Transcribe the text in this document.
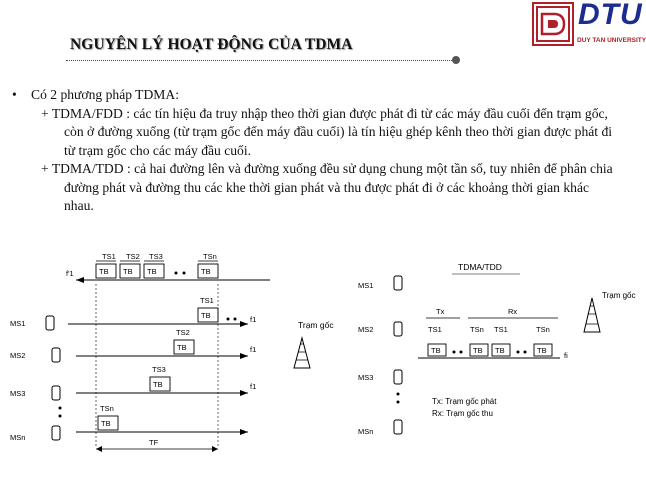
NGUYÊN LÝ HOẠT ĐỘNG CỦA TDMA
DTU
DUY TAN UNIVERSITY
• Có 2 phương pháp TDMA:
+ TDMA/FDD : các tín hiệu đa truy nhập theo thời gian được phát đi từ các máy đầu cuối đến trạm gốc, còn ở đường xuống (từ trạm gốc đến máy đầu cuối) là tín hiệu ghép kênh theo thời gian được phát đi từ trạm gốc cho các máy đầu cuối.
+ TDMA/TDD : cả hai đường lên và đường xuống đều sử dụng chung một tần số, tuy nhiên để phân chia đường phát và đường thu các khe thời gian phát và thu được phát đi ở các khoảng thời gian khác nhau.
TS1 TS2 TS3	TSn
TB TB TB	TB
f'1
MS1
TS1
TB	f1
MS2
TS2
TB	f1
MS3
TS3
TB	f1
MSn
TSn
TB
TF
Trạm gốc
TDMA/TDD
MS1
MS2
MS3
MSn
Tx	Rx
TS1	TSn TS1	TSn
TB	TB TB	TB
fi
Tx: Trạm gốc phát
Rx: Trạm gốc thu
Trạm gốc
